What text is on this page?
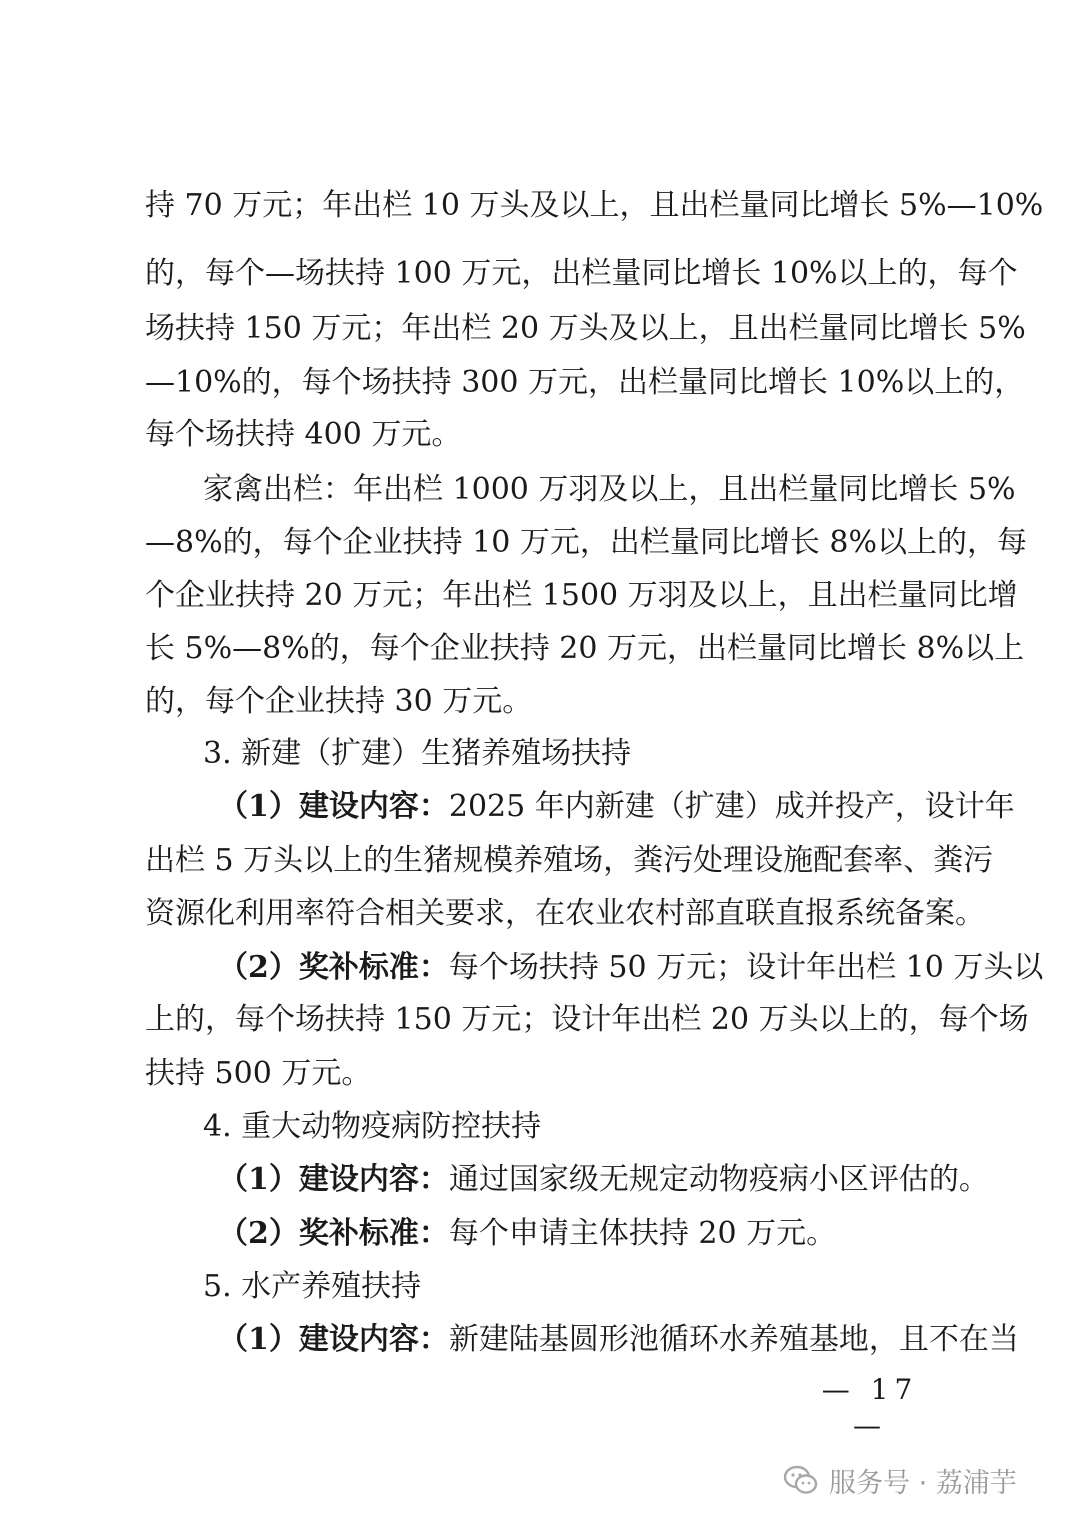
持 70 万元；年出栏 10 万头及以上，且出栏量同比增长 5%—10%
的，每个—场扶持 100 万元，出栏量同比增长 10%以上的，每个
场扶持 150 万元；年出栏 20 万头及以上，且出栏量同比增长 5%
—10%的，每个场扶持 300 万元，出栏量同比增长 10%以上的，
每个场扶持 400 万元。
家禽出栏：年出栏 1000 万羽及以上，且出栏量同比增长 5%
—8%的，每个企业扶持 10 万元，出栏量同比增长 8%以上的，每
个企业扶持 20 万元；年出栏 1500 万羽及以上，且出栏量同比增
长 5%—8%的，每个企业扶持 20 万元，出栏量同比增长 8%以上
的，每个企业扶持 30 万元。
3. 新建（扩建）生猪养殖场扶持
（1）建设内容：2025 年内新建（扩建）成并投产，设计年
出栏 5 万头以上的生猪规模养殖场，粪污处理设施配套率、粪污
资源化利用率符合相关要求，在农业农村部直联直报系统备案。
（2）奖补标准：每个场扶持 50 万元；设计年出栏 10 万头以
上的，每个场扶持 150 万元；设计年出栏 20 万头以上的，每个场
扶持 500 万元。
4. 重大动物疫病防控扶持
（1）建设内容：通过国家级无规定动物疫病小区评估的。
（2）奖补标准：每个申请主体扶持 20 万元。
5. 水产养殖扶持
（1）建设内容：新建陆基圆形池循环水养殖基地，且不在当
— 17 —
服务号 · 荔浦芋
